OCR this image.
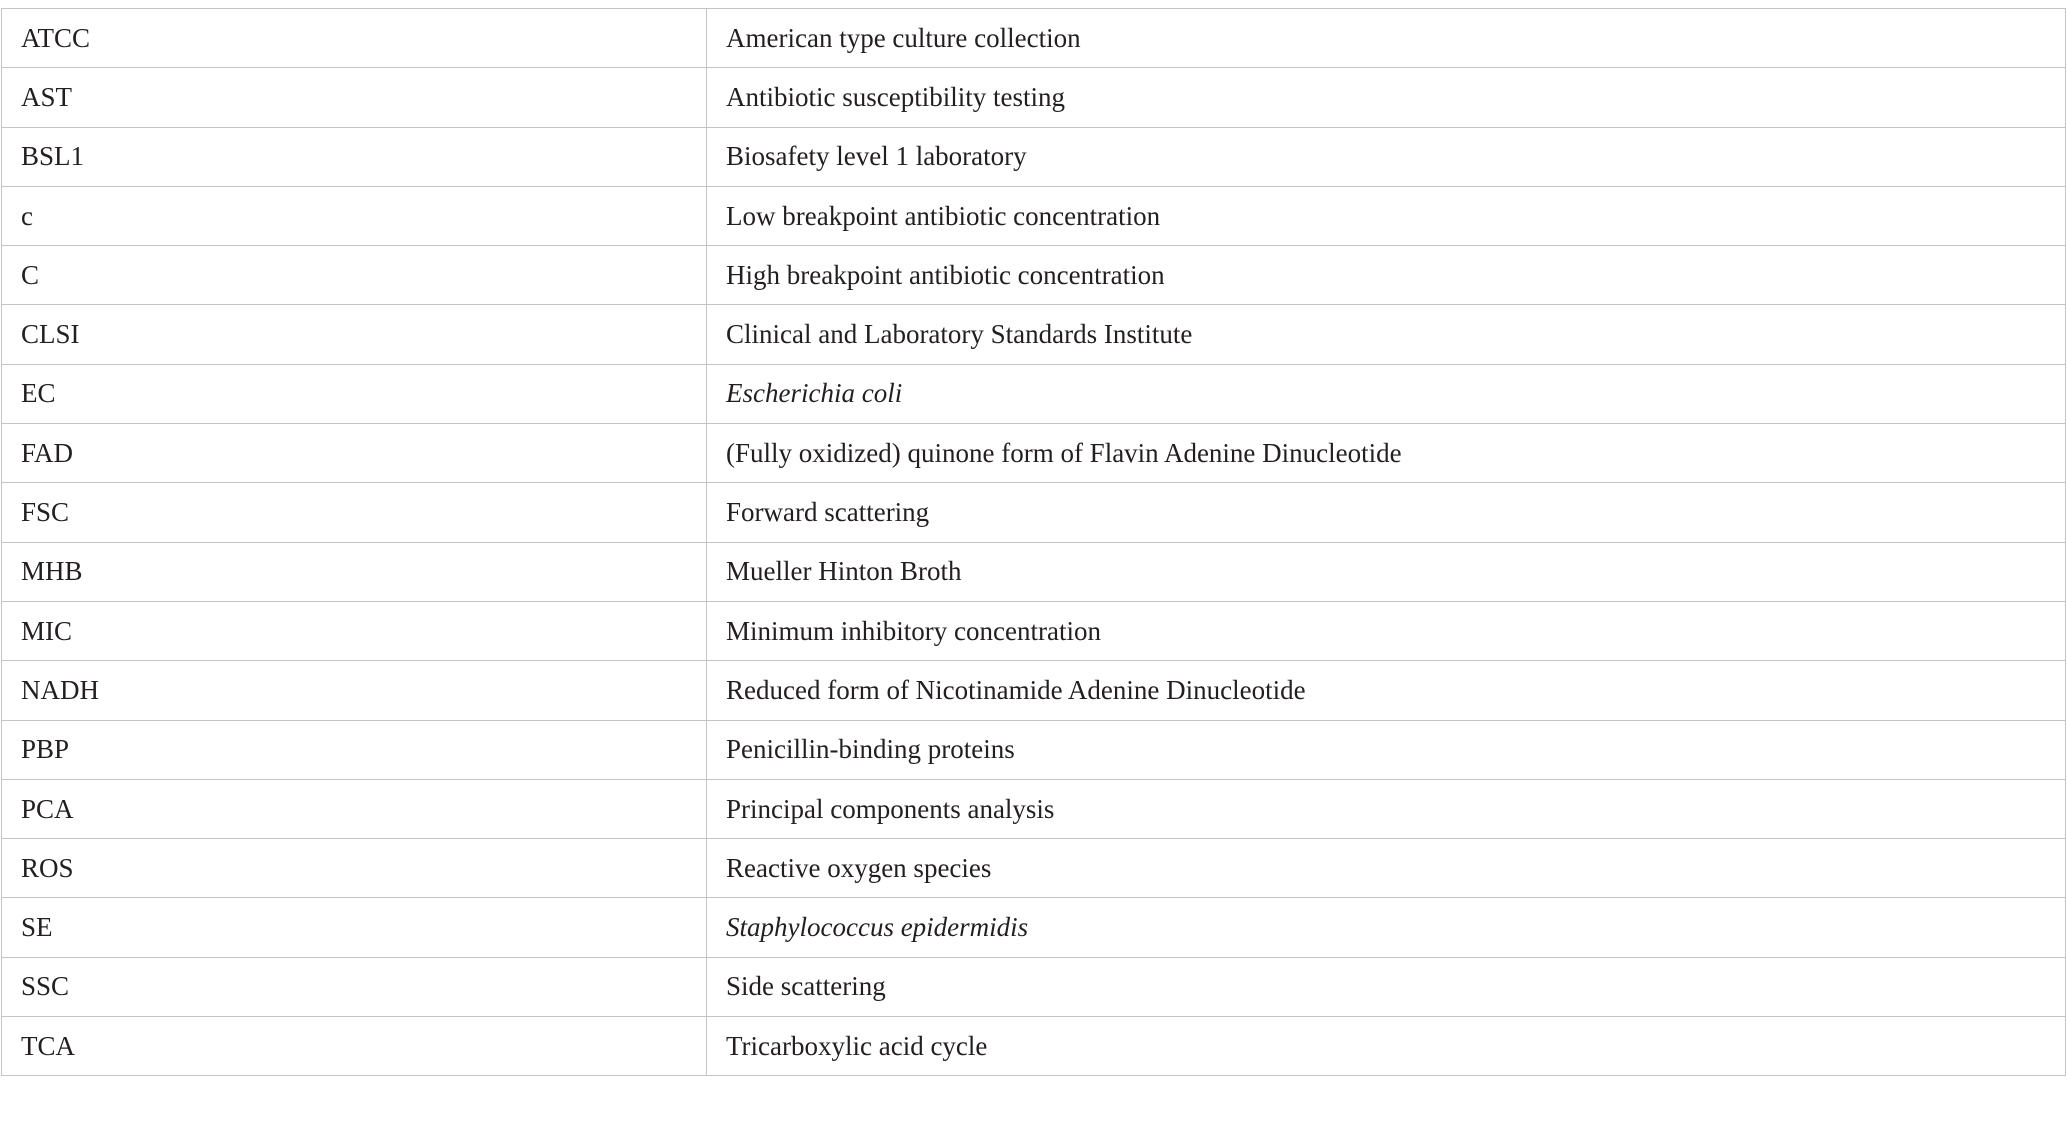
ATCC	American type culture collection
AST	Antibiotic susceptibility testing
BSL1	Biosafety level 1 laboratory
c	Low breakpoint antibiotic concentration
C	High breakpoint antibiotic concentration
CLSI	Clinical and Laboratory Standards Institute
EC	Escherichia coli
FAD	(Fully oxidized) quinone form of Flavin Adenine Dinucleotide
FSC	Forward scattering
MHB	Mueller Hinton Broth
MIC	Minimum inhibitory concentration
NADH	Reduced form of Nicotinamide Adenine Dinucleotide
PBP	Penicillin-binding proteins
PCA	Principal components analysis
ROS	Reactive oxygen species
SE	Staphylococcus epidermidis
SSC	Side scattering
TCA	Tricarboxylic acid cycle
